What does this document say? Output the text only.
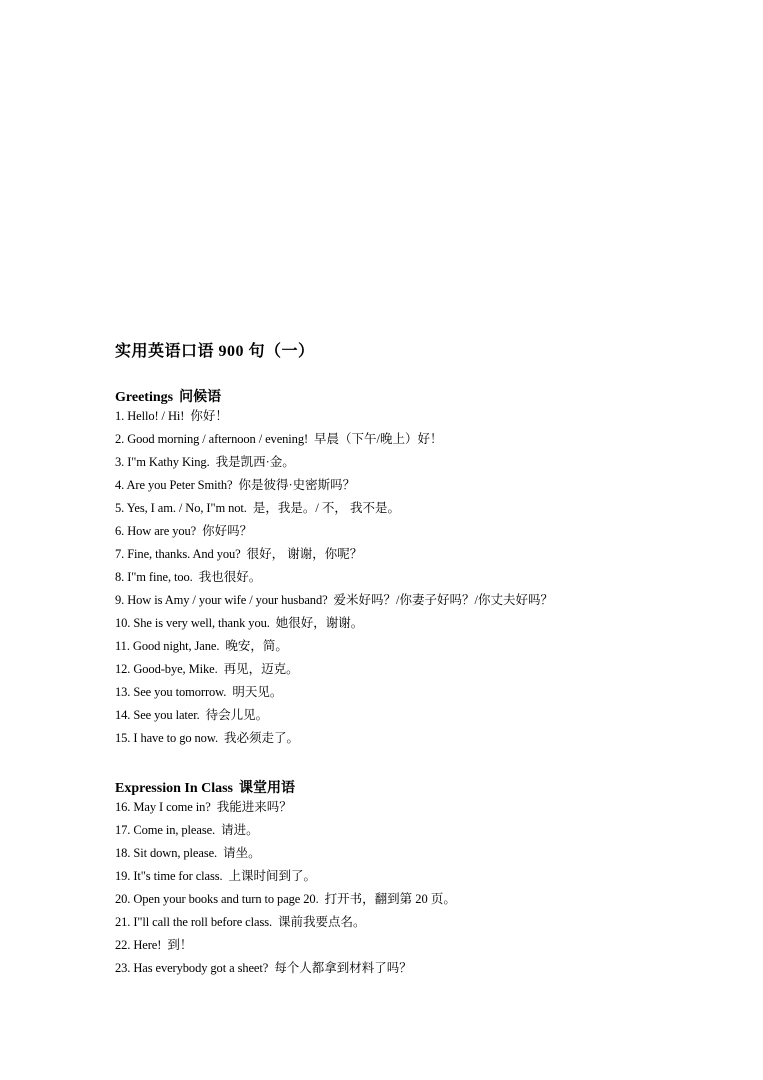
实用英语口语 900 句（一）
Greetings 问候语
1. Hello! / Hi! 你好！
2. Good morning / afternoon / evening! 早晨（下午/晚上）好！
3. I"m Kathy King. 我是凯西·金。
4. Are you Peter Smith? 你是彼得·史密斯吗？
5. Yes, I am. / No, I"m not. 是，我是。/ 不， 我不是。
6. How are you? 你好吗？
7. Fine, thanks. And you? 很好， 谢谢，你呢？
8. I"m fine, too. 我也很好。
9. How is Amy / your wife / your husband? 爱米好吗？/你妻子好吗？/你丈夫好吗？
10. She is very well, thank you. 她很好，谢谢。
11. Good night, Jane. 晚安，简。
12. Good-bye, Mike. 再见，迈克。
13. See you tomorrow. 明天见。
14. See you later. 待会儿见。
15. I have to go now. 我必须走了。
Expression In Class 课堂用语
16. May I come in? 我能进来吗？
17. Come in, please. 请进。
18. Sit down, please. 请坐。
19. It"s time for class. 上课时间到了。
20. Open your books and turn to page 20. 打开书，翻到第 20 页。
21. I"ll call the roll before class. 课前我要点名。
22. Here! 到！
23. Has everybody got a sheet? 每个人都拿到材料了吗？
